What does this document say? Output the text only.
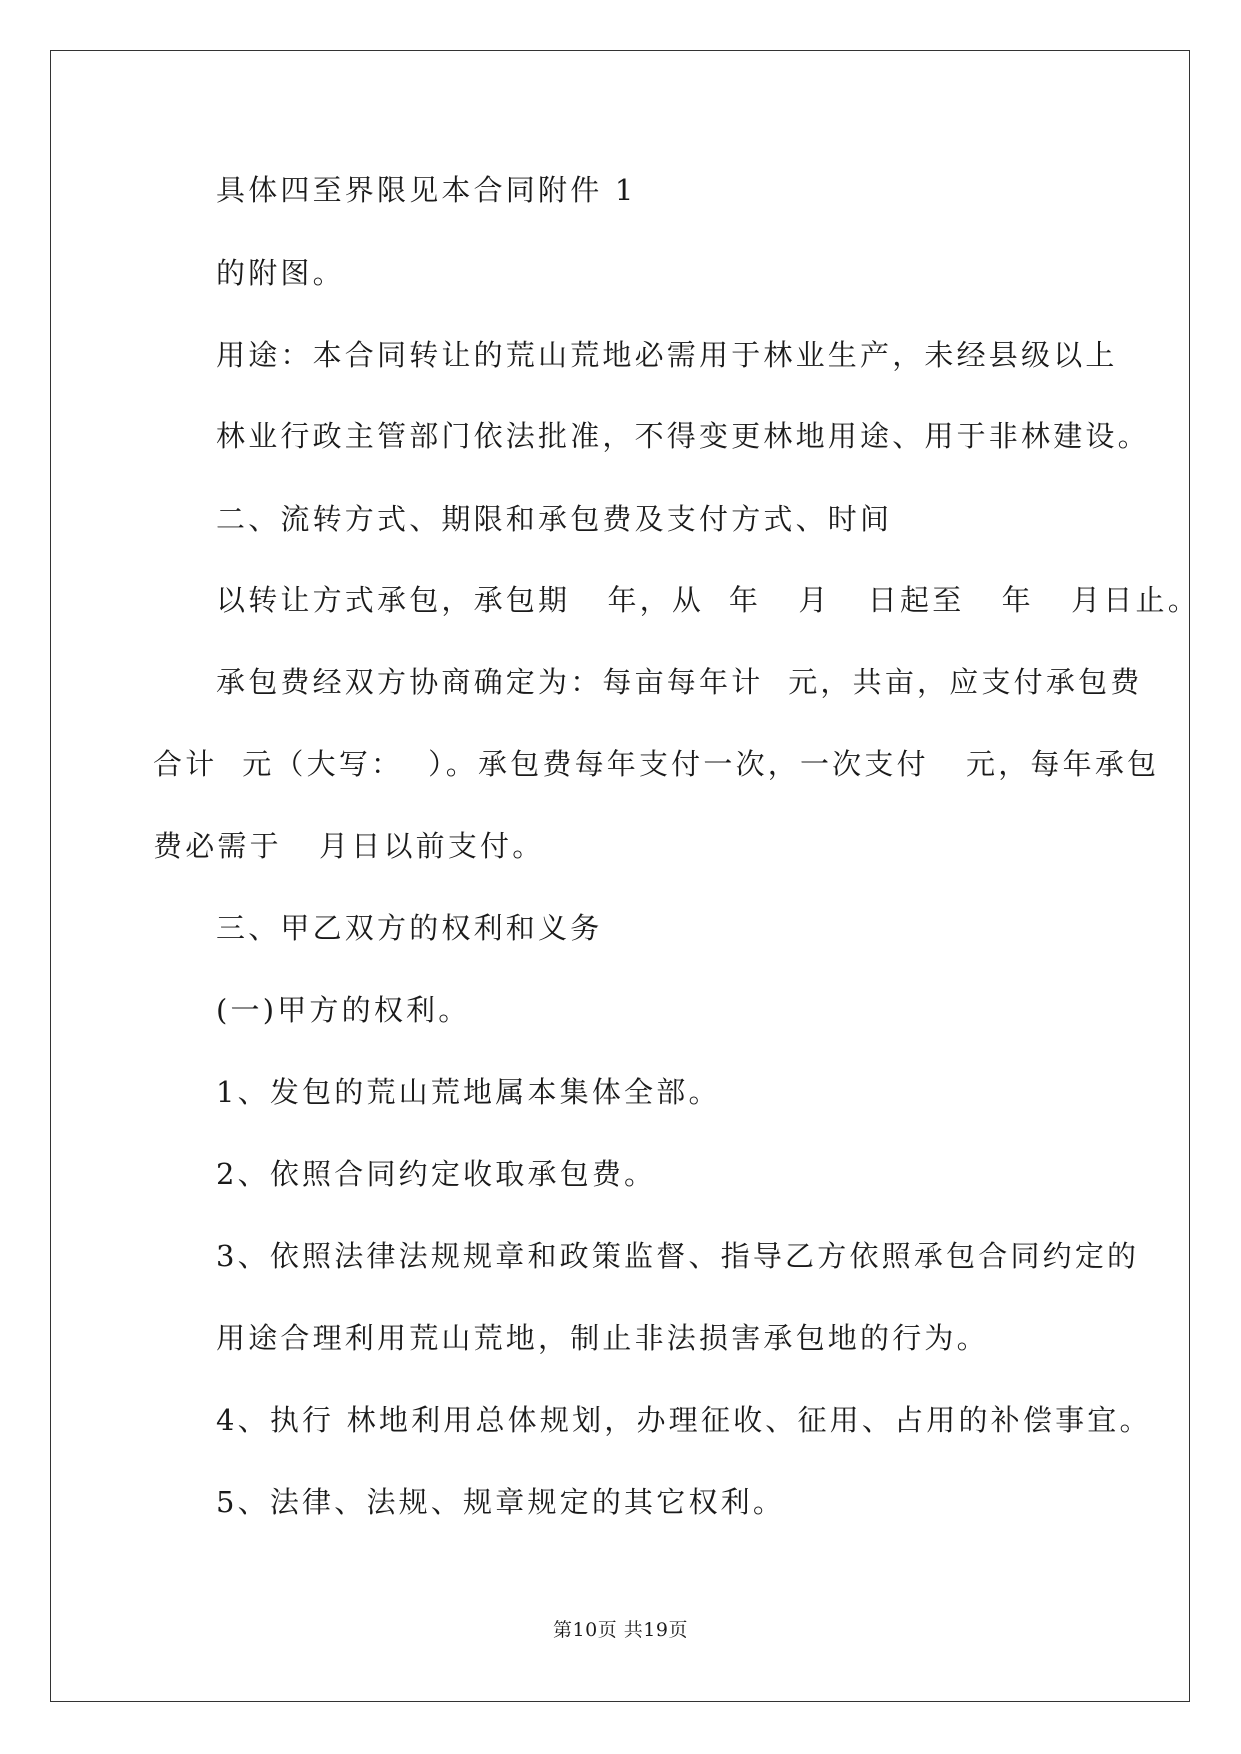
具体四至界限见本合同附件 1
的附图。
用途：本合同转让的荒山荒地必需用于林业生产，未经县级以上
林业行政主管部门依法批准，不得变更林地用途、用于非林建设。
二、流转方式、期限和承包费及支付方式、时间
以转让方式承包，承包期   年，从  年   月   日起至   年   月日止。
承包费经双方协商确定为：每亩每年计  元，共亩，应支付承包费
合计  元（大写：  ）。承包费每年支付一次，一次支付   元，每年承包
费必需于   月日以前支付。
三、甲乙双方的权利和义务
(一)甲方的权利。
1、发包的荒山荒地属本集体全部。
2、依照合同约定收取承包费。
3、依照法律法规规章和政策监督、指导乙方依照承包合同约定的
用途合理利用荒山荒地，制止非法损害承包地的行为。
4、执行 林地利用总体规划，办理征收、征用、占用的补偿事宜。
5、法律、法规、规章规定的其它权利。
第10页 共19页
